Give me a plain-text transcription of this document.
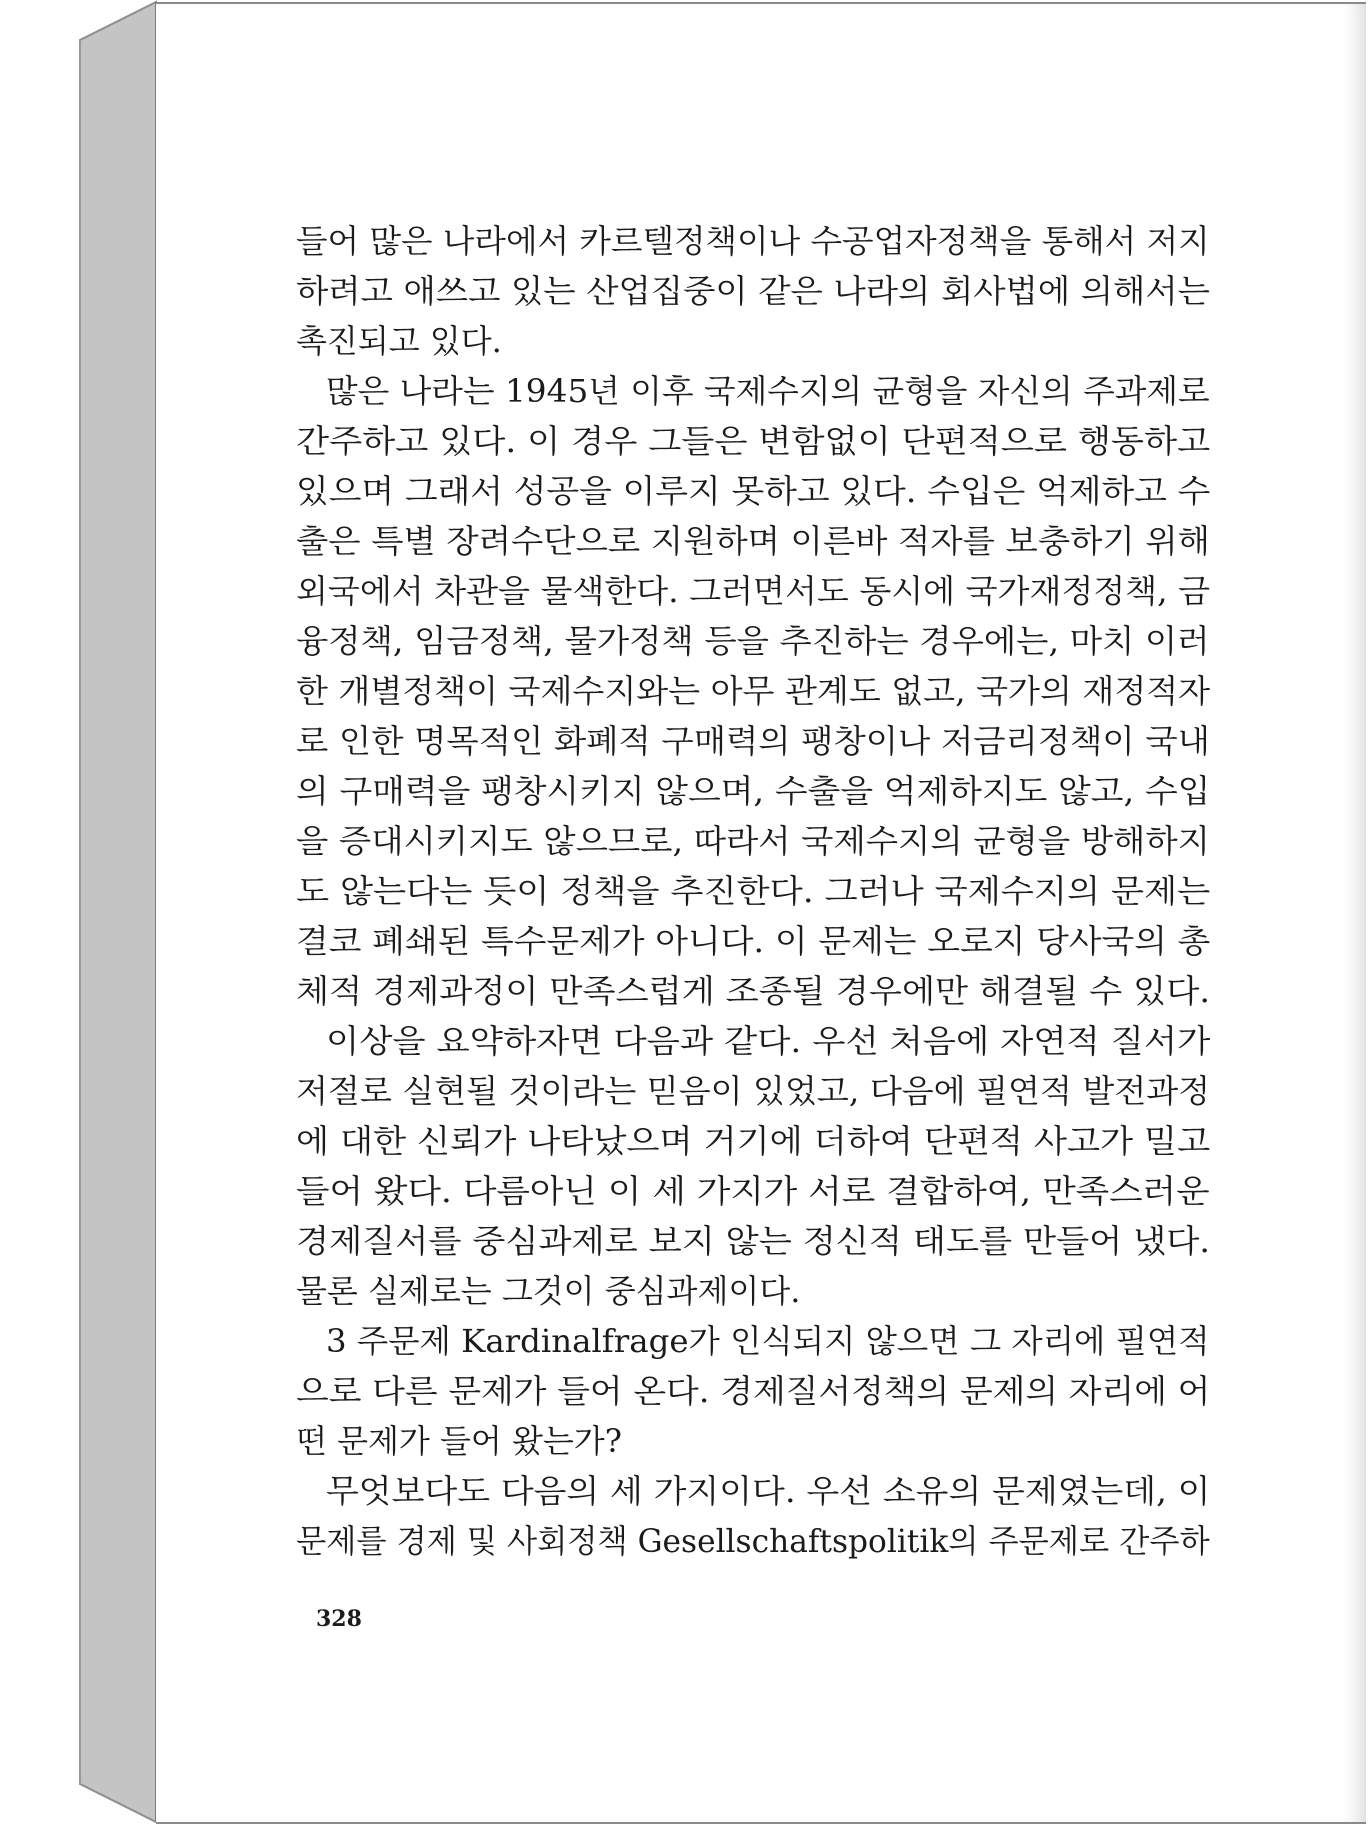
들어 많은 나라에서 카르텔정책이나 수공업자정책을 통해서 저지
하려고 애쓰고 있는 산업집중이 같은 나라의 회사법에 의해서는
촉진되고 있다.
많은 나라는 1945년 이후 국제수지의 균형을 자신의 주과제로
간주하고 있다. 이 경우 그들은 변함없이 단편적으로 행동하고
있으며 그래서 성공을 이루지 못하고 있다. 수입은 억제하고 수
출은 특별 장려수단으로 지원하며 이른바 적자를 보충하기 위해
외국에서 차관을 물색한다. 그러면서도 동시에 국가재정정책, 금
융정책, 임금정책, 물가정책 등을 추진하는 경우에는, 마치 이러
한 개별정책이 국제수지와는 아무 관계도 없고, 국가의 재정적자
로 인한 명목적인 화폐적 구매력의 팽창이나 저금리정책이 국내
의 구매력을 팽창시키지 않으며, 수출을 억제하지도 않고, 수입
을 증대시키지도 않으므로, 따라서 국제수지의 균형을 방해하지
도 않는다는 듯이 정책을 추진한다. 그러나 국제수지의 문제는
결코 폐쇄된 특수문제가 아니다. 이 문제는 오로지 당사국의 총
체적 경제과정이 만족스럽게 조종될 경우에만 해결될 수 있다.
이상을 요약하자면 다음과 같다. 우선 처음에 자연적 질서가
저절로 실현될 것이라는 믿음이 있었고, 다음에 필연적 발전과정
에 대한 신뢰가 나타났으며 거기에 더하여 단편적 사고가 밀고
들어 왔다. 다름아닌 이 세 가지가 서로 결합하여, 만족스러운
경제질서를 중심과제로 보지 않는 정신적 태도를 만들어 냈다.
물론 실제로는 그것이 중심과제이다.
3 주문제 Kardinalfrage가 인식되지 않으면 그 자리에 필연적
으로 다른 문제가 들어 온다. 경제질서정책의 문제의 자리에 어
떤 문제가 들어 왔는가?
무엇보다도 다음의 세 가지이다. 우선 소유의 문제였는데, 이
문제를 경제 및 사회정책 Gesellschaftspolitik의 주문제로 간주하
328
